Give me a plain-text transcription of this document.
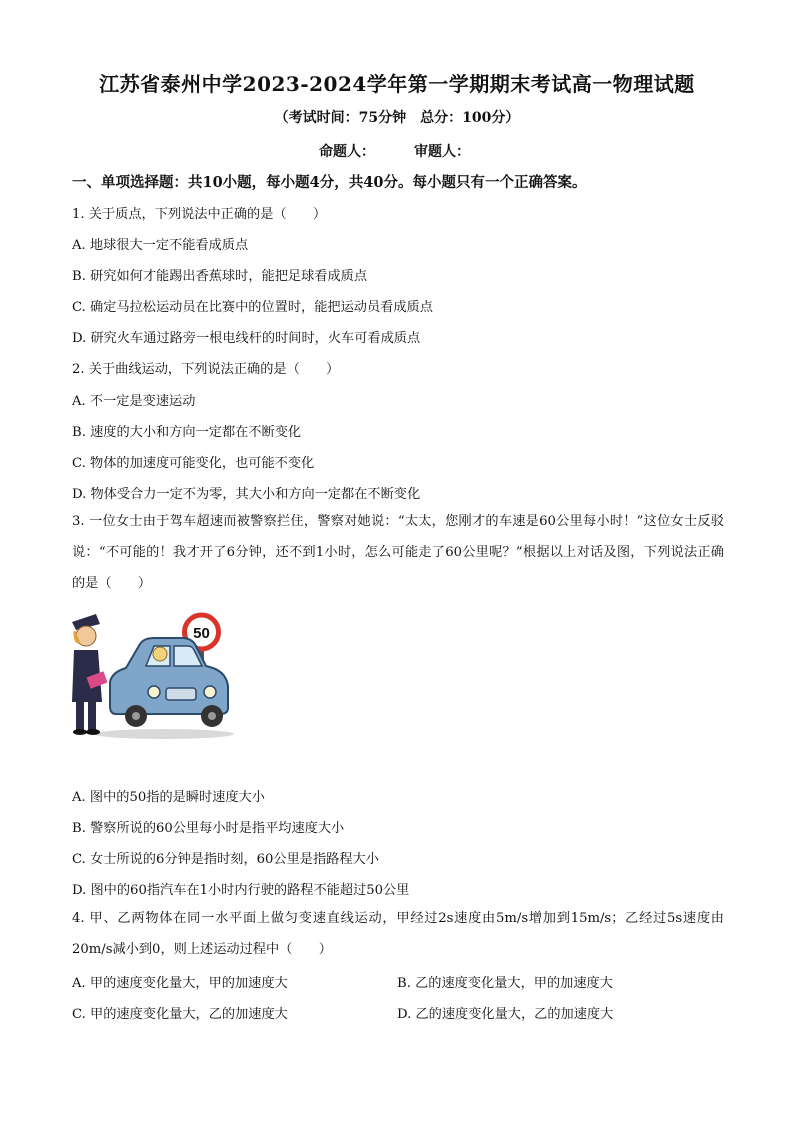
江苏省泰州中学2023-2024学年第一学期期末考试高一物理试题
（考试时间：75分钟　总分：100分）
命题人：	审题人：
一、单项选择题：共10小题，每小题4分，共40分。每小题只有一个正确答案。
1. 关于质点，下列说法中正确的是（　　）
A. 地球很大一定不能看成质点
B. 研究如何才能踢出香蕉球时，能把足球看成质点
C. 确定马拉松运动员在比赛中的位置时，能把运动员看成质点
D. 研究火车通过路旁一根电线杆的时间时，火车可看成质点
2. 关于曲线运动，下列说法正确的是（　　）
A. 不一定是变速运动
B. 速度的大小和方向一定都在不断变化
C. 物体的加速度可能变化，也可能不变化
D. 物体受合力一定不为零，其大小和方向一定都在不断变化
3. 一位女士由于驾车超速而被警察拦住，警察对她说：“太太，您刚才的车速是60公里每小时！”这位女士反驳说：“不可能的！我才开了6分钟，还不到1小时，怎么可能走了60公里呢？”根据以上对话及图，下列说法正确的是（　　）
50
A. 图中的50指的是瞬时速度大小
B. 警察所说的60公里每小时是指平均速度大小
C. 女士所说的6分钟是指时刻，60公里是指路程大小
D. 图中的60指汽车在1小时内行驶的路程不能超过50公里
4. 甲、乙两物体在同一水平面上做匀变速直线运动，甲经过2s速度由5m/s增加到15m/s；乙经过5s速度由20m/s减小到0，则上述运动过程中（　　）
A. 甲的速度变化量大，甲的加速度大	B. 乙的速度变化量大，甲的加速度大
C. 甲的速度变化量大，乙的加速度大	D. 乙的速度变化量大，乙的加速度大
